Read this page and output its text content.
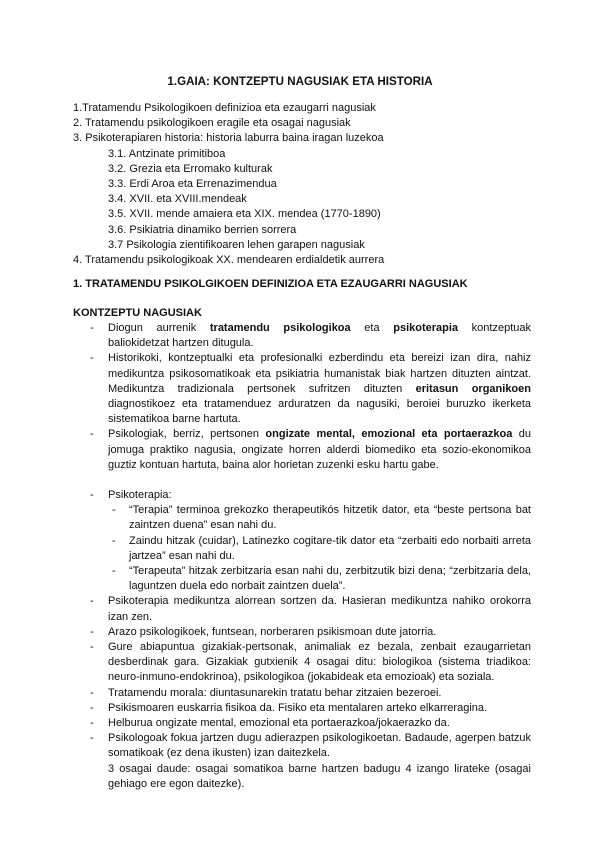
1.GAIA: KONTZEPTU NAGUSIAK ETA HISTORIA
1.Tratamendu Psikologikoen definizioa eta ezaugarri nagusiak
2. Tratamendu psikologikoen eragile eta osagai nagusiak
3. Psikoterapiaren historia: historia laburra baina iragan luzekoa
3.1. Antzinate primitiboa
3.2. Grezia eta Erromako kulturak
3.3. Erdi Aroa eta Errenazimendua
3.4. XVII. eta XVIII.mendeak
3.5. XVII. mende amaiera eta XIX. mendea (1770-1890)
3.6. Psikiatria dinamiko berrien sorrera
3.7 Psikologia zientifikoaren lehen garapen nagusiak
4. Tratamendu psikologikoak XX. mendearen erdialdetik aurrera
1. TRATAMENDU PSIKOLGIKOEN DEFINIZIOA ETA EZAUGARRI NAGUSIAK
KONTZEPTU NAGUSIAK
- Diogun aurrenik tratamendu psikologikoa eta psikoterapia kontzeptuak baliokidetzat hartzen ditugula.
- Historikoki, kontzeptualki eta profesionalki ezberdindu eta bereizi izan dira, nahiz medikuntza psikosomatikoak eta psikiatria humanistak biak hartzen dituzten aintzat. Medikuntza tradizionala pertsonek sufritzen dituzten eritasun organikoen diagnostikoez eta tratamenduez arduratzen da nagusiki, beroiei buruzko ikerketa sistematikoa barne hartuta.
- Psikologiak, berriz, pertsonen ongizate mental, emozional eta portaerazkoa du jomuga praktiko nagusia, ongizate horren alderdi biomediko eta sozio-ekonomikoa guztiz kontuan hartuta, baina alor horietan zuzenki esku hartu gabe.
- Psikoterapia:
- “Terapia” terminoa grekozko therapeutikós hitzetik dator, eta “beste pertsona bat zaintzen duena” esan nahi du.
- Zaindu hitzak (cuidar), Latinezko cogitare-tik dator eta “zerbaiti edo norbaiti arreta jartzea” esan nahi du.
- “Terapeuta” hitzak zerbitzaria esan nahi du, zerbitzutik bizi dena; “zerbitzaria dela, laguntzen duela edo norbait zaintzen duela”.
- Psikoterapia medikuntza alorrean sortzen da. Hasieran medikuntza nahiko orokorra izan zen.
- Arazo psikologikoek, funtsean, norberaren psikismoan dute jatorria.
- Gure abiapuntua gizakiak-pertsonak, animaliak ez bezala, zenbait ezaugarrietan desberdinak gara. Gizakiak gutxienik 4 osagai ditu: biologikoa (sistema triadikoa: neuro-inmuno-endokrinoa), psikologikoa (jokabideak eta emozioak) eta soziala.
- Tratamendu morala: diuntasunarekin tratatu behar zitzaien bezeroei.
- Psikismoaren euskarria fisikoa da. Fisiko eta mentalaren arteko elkarreragina.
- Helburua ongizate mental, emozional eta portaerazkoa/jokaerazko da.
- Psikologoak fokua jartzen dugu adierazpen psikologikoetan. Badaude, agerpen batzuk somatikoak (ez dena ikusten) izan daitezkela.
3 osagai daude: osagai somatikoa barne hartzen badugu 4 izango lirateke (osagai gehiago ere egon daitezke).
